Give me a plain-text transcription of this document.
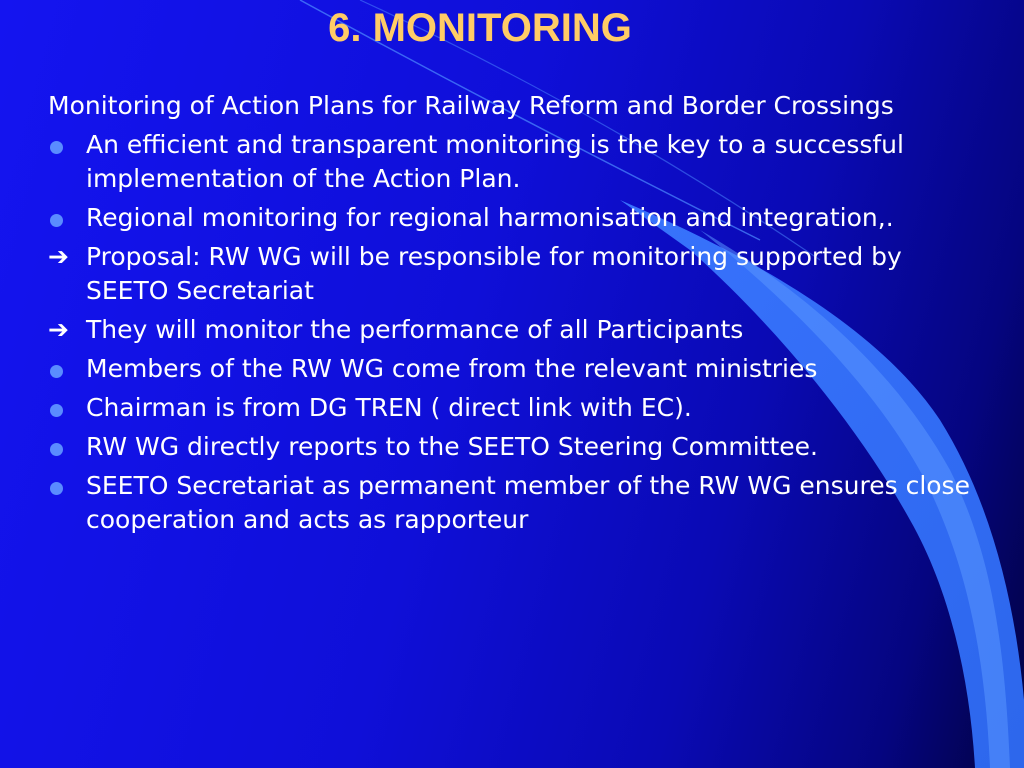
6. MONITORING
Monitoring of Action Plans for Railway Reform and Border Crossings
An efficient and transparent monitoring is the key to a successful implementation of the Action Plan.
Regional monitoring for regional harmonisation and integration,.
➔ Proposal: RW WG will be responsible for monitoring supported by SEETO Secretariat
➔ They will monitor the performance of all Participants
Members of the RW WG come from the relevant ministries
Chairman is from DG TREN ( direct link with EC).
RW WG directly reports to the SEETO Steering Committee.
SEETO Secretariat as permanent member of the RW WG ensures close cooperation and acts as rapporteur
